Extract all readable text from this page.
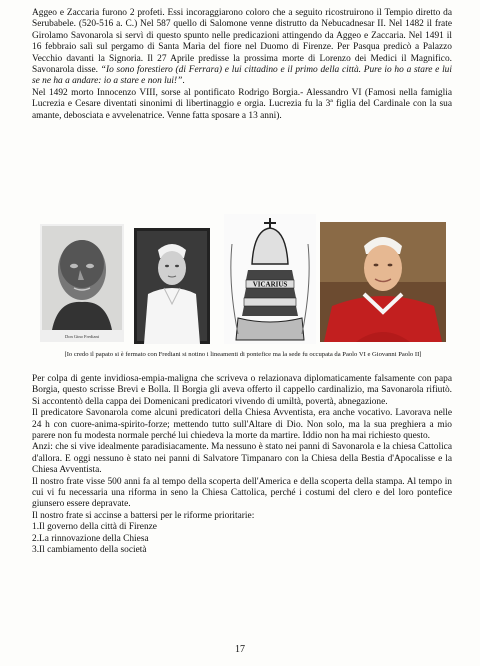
Aggeo e Zaccaria furono 2 profeti. Essi incoraggiarono coloro che a seguito ricostruirono il Tempio diretto da Serubabele. (520-516 a. C.) Nel 587 quello di Salomone venne distrutto da Nebucadnesar II. Nel 1482 il frate Girolamo Savonarola si servì di questo spunto nelle predicazioni attingendo da Aggeo e Zaccaria. Nel 1491 il 16 febbraio salì sul pergamo di Santa Marìa del fiore nel Duomo di Firenze. Per Pasqua predicò a Palazzo Vecchio davanti la Signoria. Il 27 Aprile predisse la prossima morte di Lorenzo dei Medici il Magnifico. Savonarola disse. “Io sono forestiero (di Ferrara) e lui cittadino e il primo della città. Pure io ho a stare e lui se ne ha a andare: io a stare e non lui!”.

Nel 1492 morto Innocenzo VIII, sorse al pontificato Rodrigo Borgia.- Alessandro VI (Famosi nella famiglia Lucrezia e Cesare diventati sinonimi di libertinaggio e orgia. Lucrezia fu la 3ª figlia del Cardinale con la sua amante, debosciata e avvelenatrice. Venne fatta sposare a 13 anni).

Don Gino Frediani
VICARIUS
[Io credo il papato si è fermato con Frediani si notino i lineamenti di pontefice ma la sede fu occupata da Paolo VI e Giovanni Paolo II]

Per colpa di gente invidiosa-empia-maligna che scriveva o relazionava diplomaticamente falsamente con papa Borgia, questo scrisse Brevi e Bolla. Il Borgia gli aveva offerto il cappello cardinalizio, ma Savonarola rifiutò. Si accontentò della cappa dei Domenicani predicatori vivendo di umiltà, povertà, abnegazione.

Il predicatore Savonarola come alcuni predicatori della Chiesa Avventista, era anche vocativo. Lavorava nelle 24 h con cuore-anima-spirito-forze; mettendo tutto sull'Altare di Dio. Non solo, ma la sua preghiera a mio parere non fu modesta normale perché lui chiedeva la morte da martire. Iddio non ha mai richiesto questo.

Anzi: che si vive idealmente paradisiacamente. Ma nessuno è stato nei panni di Savonarola e la chiesa Cattolica d'allora. E oggi nessuno è stato nei panni di Salvatore Timpanaro con la Chiesa della Bestia d'Apocalisse e la Chiesa Avventista.

Il nostro frate visse 500 anni fa al tempo della scoperta dell'America e della scoperta della stampa. Al tempo in cui vi fu necessaria una riforma in seno la Chiesa Cattolica, perché i costumi del clero e del loro pontefice giunsero essere depravate.

Il nostro frate si accinse a battersi per le riforme prioritarie:

1.Il governo della città di Firenze

2.La rinnovazione della Chiesa

3.Il cambiamento della società

17
